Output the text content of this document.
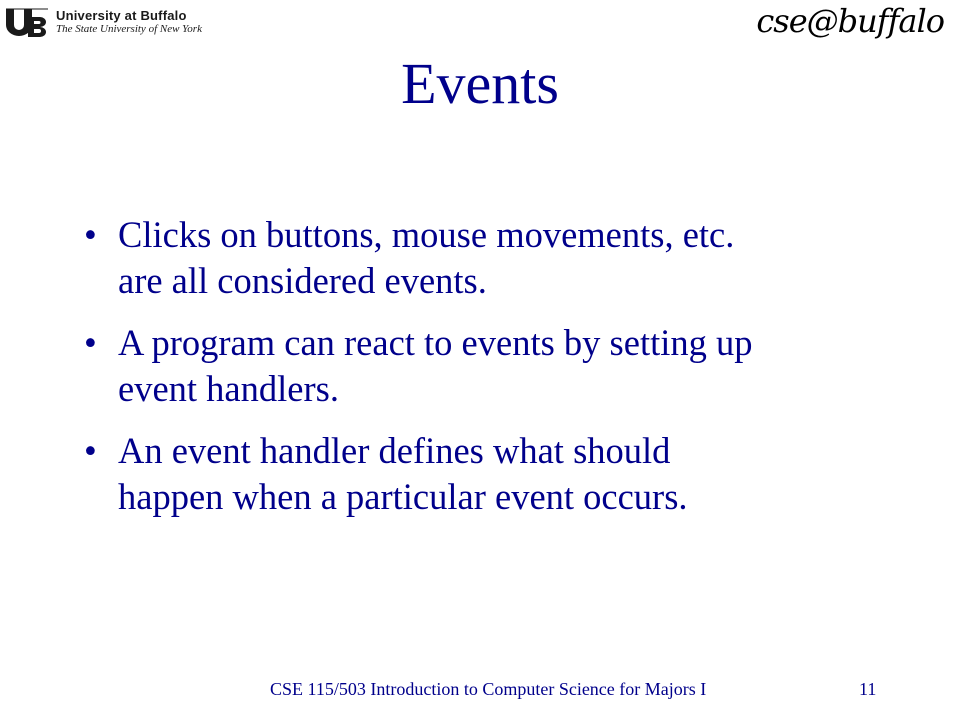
University at Buffalo
The State University of New York	cse@buffalo
Events
• Clicks on buttons, mouse movements, etc.
are all considered events.
• A program can react to events by setting up
event handlers.
• An event handler defines what should
happen when a particular event occurs.
CSE 115/503 Introduction to Computer Science for Majors I	11
